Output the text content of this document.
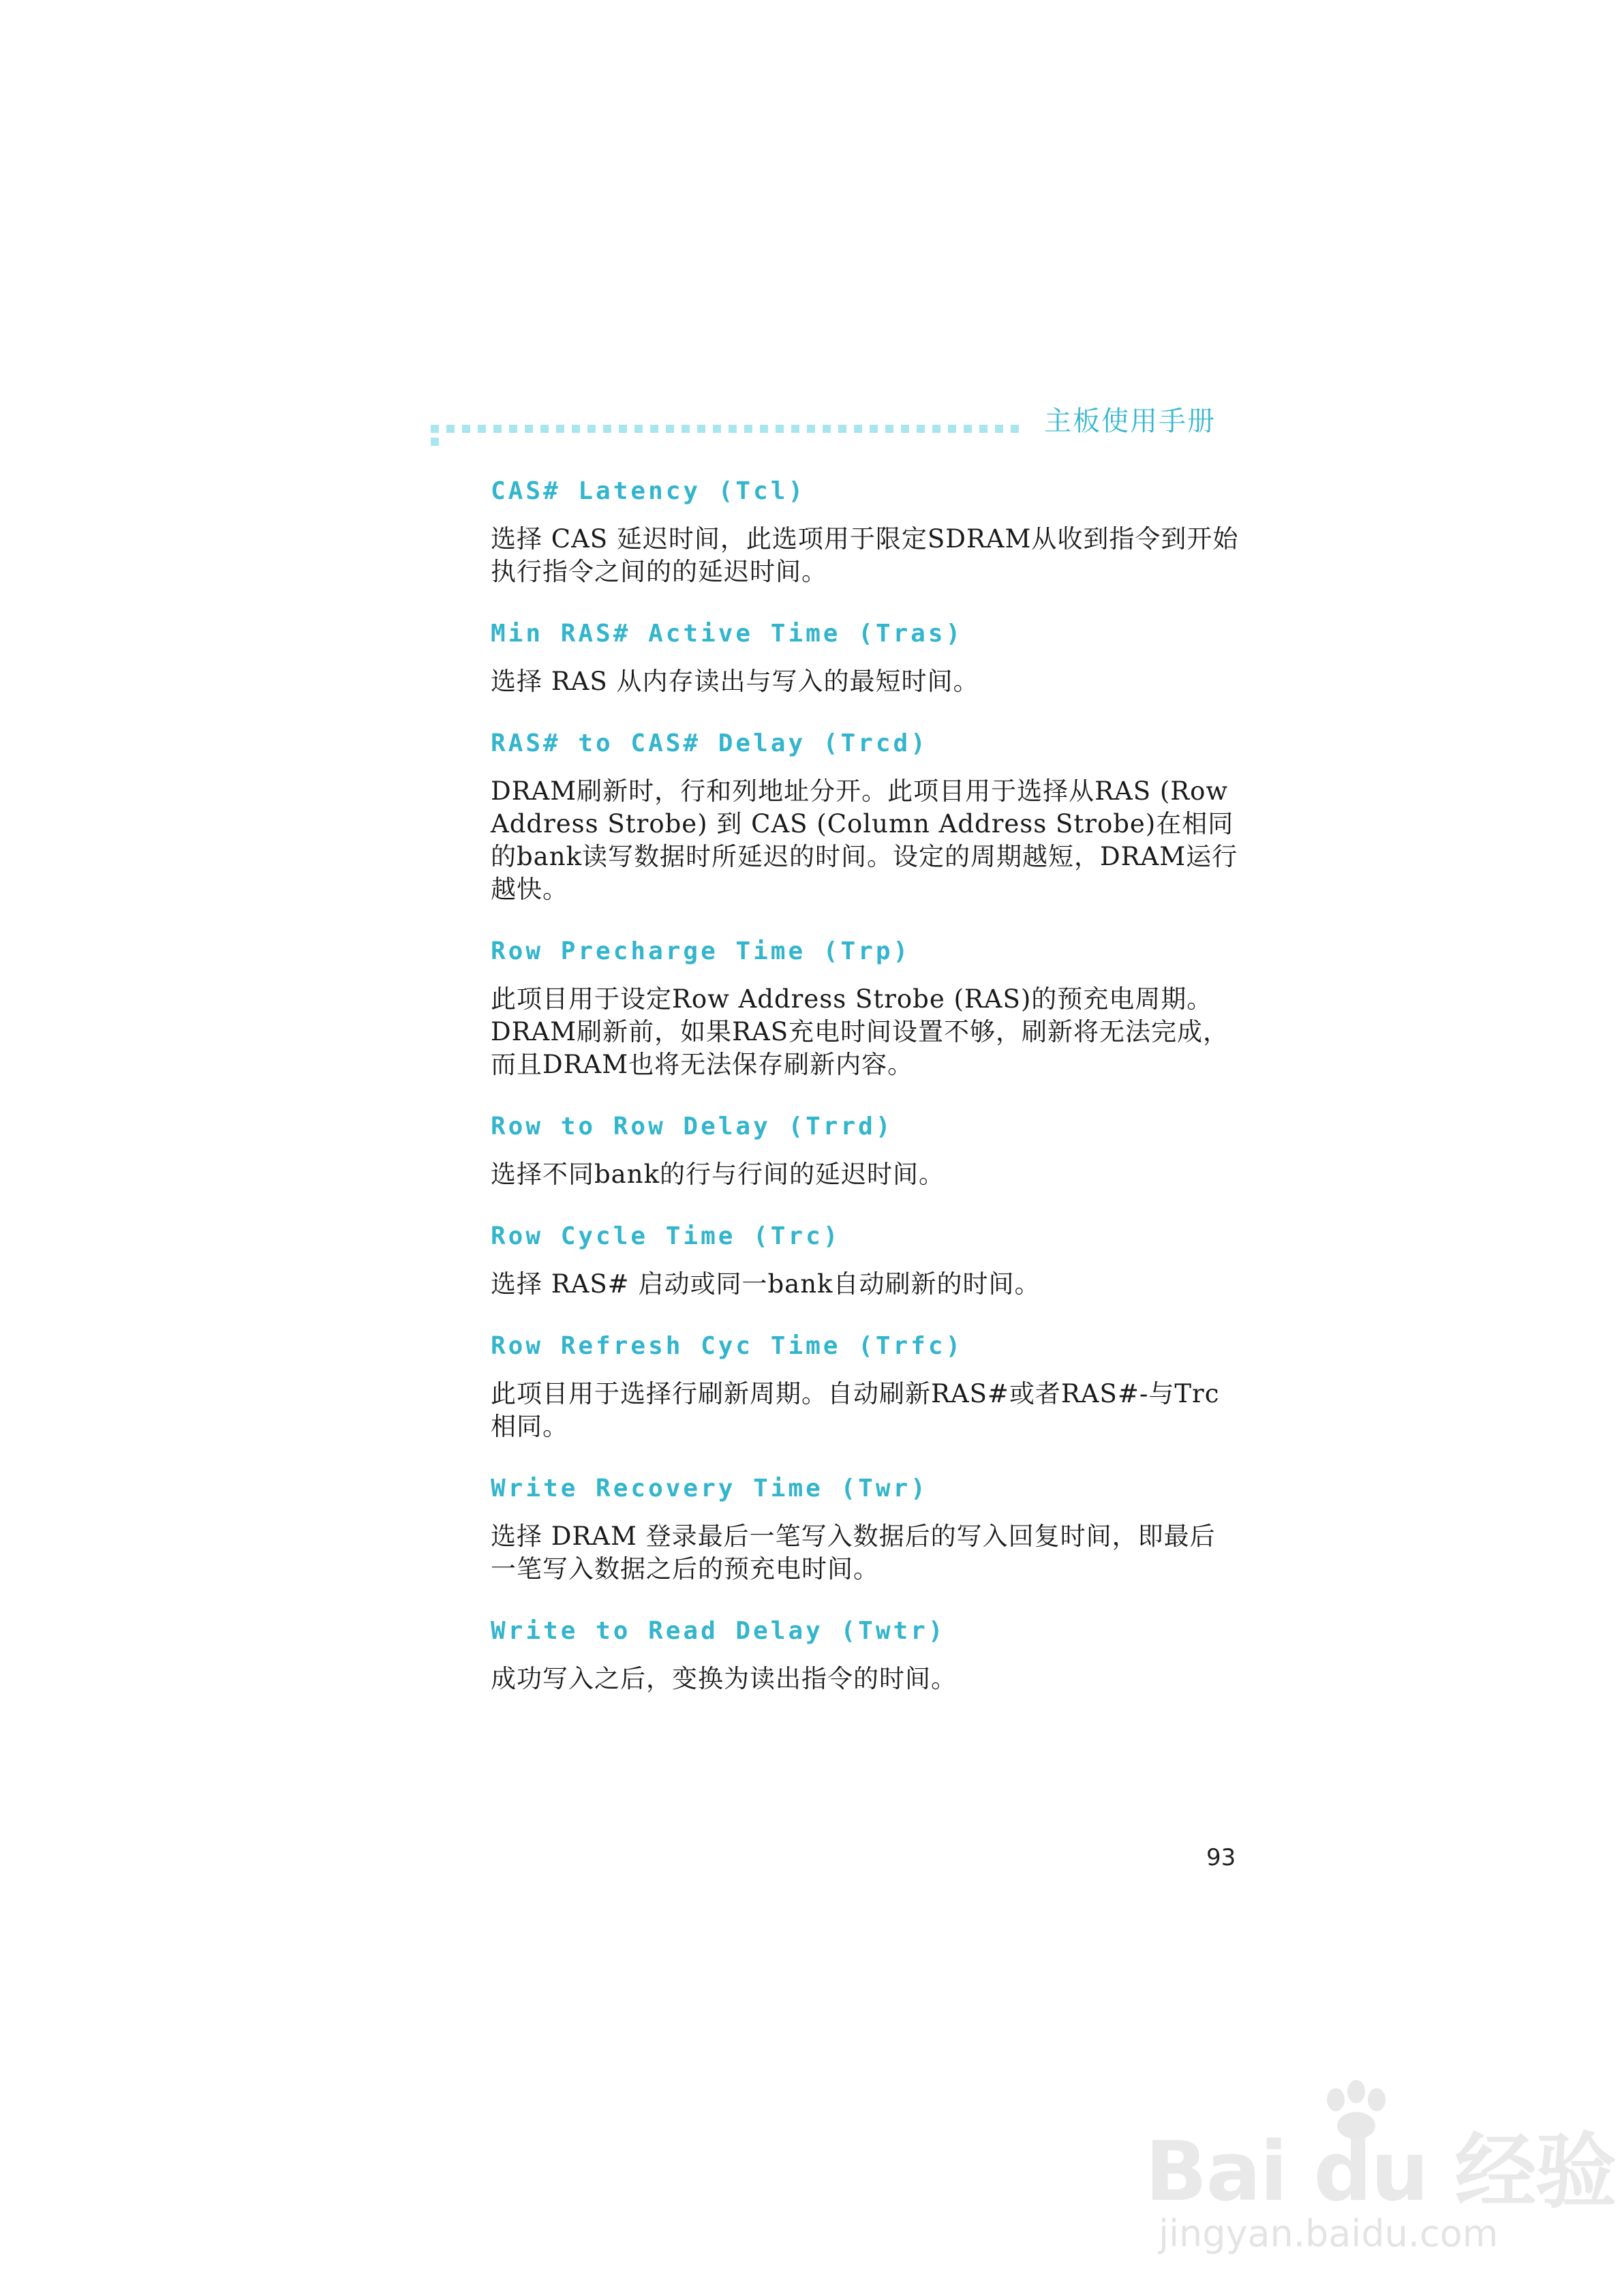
主板使用手册
CAS# Latency (Tcl)
选择 CAS 延迟时间，此选项用于限定SDRAM从收到指令到开始执行指令之间的的延迟时间。
Min RAS# Active Time (Tras)
选择 RAS 从内存读出与写入的最短时间。
RAS# to CAS# Delay (Trcd)
DRAM刷新时，行和列地址分开。此项目用于选择从RAS (Row Address Strobe) 到 CAS (Column Address Strobe)在相同的bank读写数据时所延迟的时间。设定的周期越短，DRAM运行越快。
Row Precharge Time (Trp)
此项目用于设定Row Address Strobe (RAS)的预充电周期。DRAM刷新前，如果RAS充电时间设置不够，刷新将无法完成，而且DRAM也将无法保存刷新内容。
Row to Row Delay (Trrd)
选择不同bank的行与行间的延迟时间。
Row Cycle Time (Trc)
选择 RAS# 启动或同一bank自动刷新的时间。
Row Refresh Cyc Time (Trfc)
此项目用于选择行刷新周期。自动刷新RAS#或者RAS#-与Trc相同。
Write Recovery Time (Twr)
选择 DRAM 登录最后一笔写入数据后的写入回复时间，即最后一笔写入数据之后的预充电时间。
Write to Read Delay (Twtr)
成功写入之后，变换为读出指令的时间。
93
Bai du 经验
jingyan.baidu.com
